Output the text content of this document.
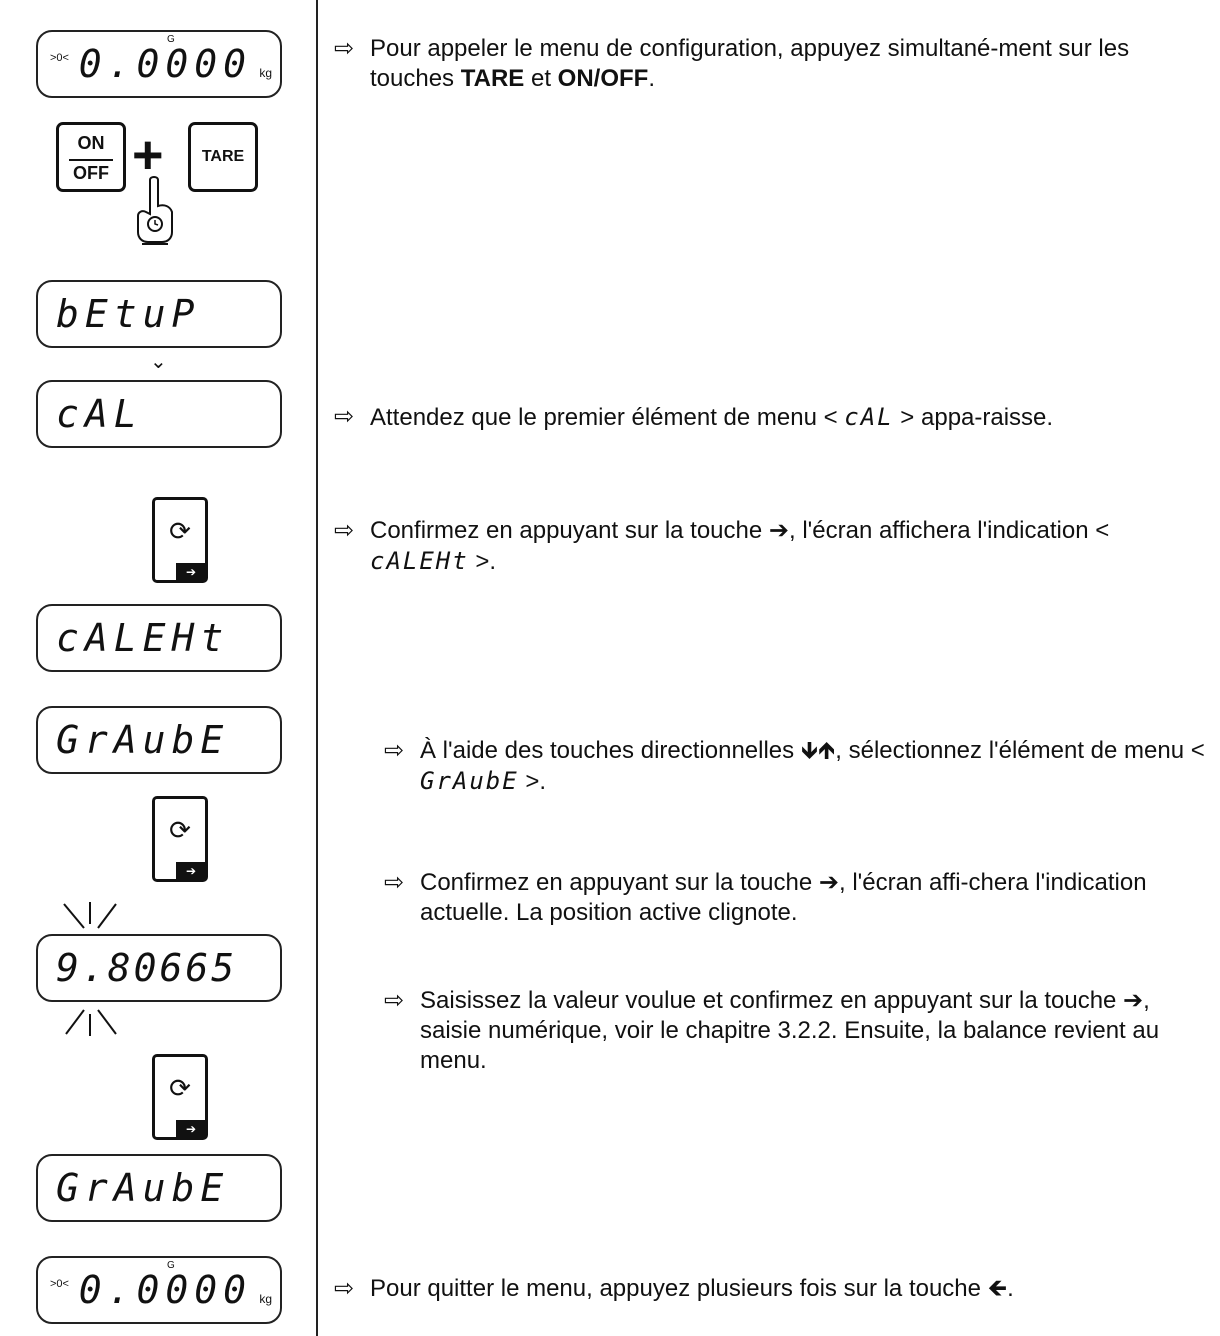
>0<
G
0.0000 kg
ON
OFF +	TARE
bEtuP
⌄
cAL
⟳
➔
cALEHt
GrAubE
⟳
➔
9.80665
⟳
➔
GrAubE
>0<
G
0.0000 kg
⇨ Pour appeler le menu de configuration, appuyez simultané-ment sur les touches TARE et ON/OFF.
⇨ Attendez que le premier élément de menu < cAL > appa-raisse.
⇨ Confirmez en appuyant sur la touche ➔, l'écran affichera l'indication < cALEHt >.
⇨ À l'aide des touches directionnelles 🡻🡹, sélectionnez l'élément de menu < GrAubE >.
⇨ Confirmez en appuyant sur la touche ➔, l'écran affi-chera l'indication actuelle. La position active clignote.
⇨ Saisissez la valeur voulue et confirmez en appuyant sur la touche ➔, saisie numérique, voir le chapitre 3.2.2. Ensuite, la balance revient au menu.
⇨ Pour quitter le menu, appuyez plusieurs fois sur la touche 🡸.
